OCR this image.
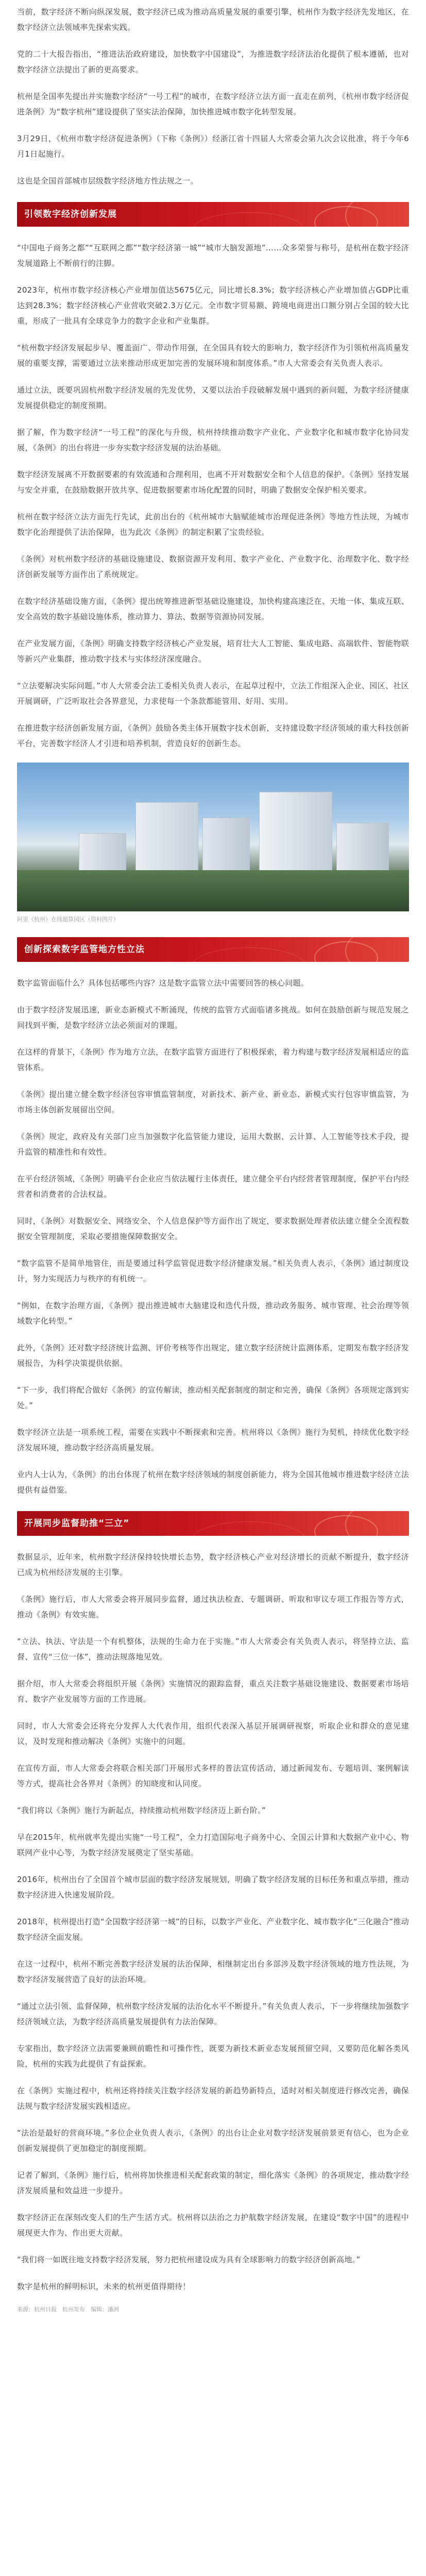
当前，数字经济不断向纵深发展，数字经济已成为推动高质量发展的重要引擎，杭州作为数字经济先发地区，在数字经济立法领域率先探索实践。

党的二十大报告指出，“推进法治政府建设，加快数字中国建设”，为推进数字经济法治化提供了根本遵循，也对数字经济立法提出了新的更高要求。

杭州是全国率先提出并实施数字经济“一号工程”的城市，在数字经济立法方面一直走在前列，《杭州市数字经济促进条例》为“数字杭州”建设提供了坚实法治保障，加快推进城市数字化转型发展。

3月29日，《杭州市数字经济促进条例》（下称《条例》）经浙江省十四届人大常委会第九次会议批准，将于今年6月1日起施行。

这也是全国首部城市层级数字经济地方性法规之一。

引领数字经济创新发展

“中国电子商务之都”“互联网之都”“数字经济第一城”“城市大脑发源地”……众多荣誉与称号，是杭州在数字经济发展道路上不断前行的注脚。

2023年，杭州市数字经济核心产业增加值达5675亿元，同比增长8.3%；数字经济核心产业增加值占GDP比重达到28.3%；数字经济核心产业营收突破2.3万亿元。全市数字贸易额、跨境电商进出口额分别占全国的较大比重，形成了一批具有全球竞争力的数字企业和产业集群。

“杭州数字经济发展起步早、覆盖面广、带动作用强，在全国具有较大的影响力，数字经济作为引领杭州高质量发展的重要支撑，需要通过立法来推动形成更加完善的发展环境和制度体系。”市人大常委会有关负责人表示。

通过立法，既要巩固杭州数字经济发展的先发优势，又要以法治手段破解发展中遇到的新问题，为数字经济健康发展提供稳定的制度预期。

据了解，作为数字经济“一号工程”的深化与升级，杭州持续推动数字产业化、产业数字化和城市数字化协同发展，《条例》的出台将进一步夯实数字经济发展的法治基础。

数字经济发展离不开数据要素的有效流通和合理利用，也离不开对数据安全和个人信息的保护。《条例》坚持发展与安全并重，在鼓励数据开放共享、促进数据要素市场化配置的同时，明确了数据安全保护相关要求。

杭州在数字经济立法方面先行先试，此前出台的《杭州城市大脑赋能城市治理促进条例》等地方性法规，为城市数字化治理提供了法治保障，也为此次《条例》的制定积累了宝贵经验。

《条例》对杭州数字经济的基础设施建设、数据资源开发利用、数字产业化、产业数字化、治理数字化、数字经济创新发展等方面作出了系统规定。

在数字经济基础设施方面，《条例》提出统筹推进新型基础设施建设，加快构建高速泛在、天地一体、集成互联、安全高效的数字基础设施体系，推动算力、算法、数据等资源协同发展。

在产业发展方面，《条例》明确支持数字经济核心产业发展，培育壮大人工智能、集成电路、高端软件、智能物联等新兴产业集群，推动数字技术与实体经济深度融合。

“立法要解决实际问题。”市人大常委会法工委相关负责人表示，在起草过程中，立法工作组深入企业、园区、社区开展调研，广泛听取社会各界意见，力求使每一个条款都能管用、好用、实用。

在推进数字经济创新发展方面，《条例》鼓励各类主体开展数字技术创新，支持建设数字经济领域的重大科技创新平台，完善数字经济人才引进和培养机制，营造良好的创新生态。

阿里（杭州）在线超算园区（资料图片）
创新探索数字监管地方性立法

数字监管面临什么？具体包括哪些内容？这是数字监管立法中需要回答的核心问题。

由于数字经济发展迅速，新业态新模式不断涌现，传统的监管方式面临诸多挑战。如何在鼓励创新与规范发展之间找到平衡，是数字经济立法必须面对的课题。

在这样的背景下，《条例》作为地方立法，在数字监管方面进行了积极探索，着力构建与数字经济发展相适应的监管体系。

《条例》提出建立健全数字经济包容审慎监管制度，对新技术、新产业、新业态、新模式实行包容审慎监管，为市场主体创新发展留出空间。

《条例》规定，政府及有关部门应当加强数字化监管能力建设，运用大数据、云计算、人工智能等技术手段，提升监管的精准性和有效性。

在平台经济领域，《条例》明确平台企业应当依法履行主体责任，建立健全平台内经营者管理制度，保护平台内经营者和消费者的合法权益。

同时，《条例》对数据安全、网络安全、个人信息保护等方面作出了规定，要求数据处理者依法建立健全全流程数据安全管理制度，采取必要措施保障数据安全。

“数字监管不是简单地管住，而是要通过科学监管促进数字经济健康发展。”相关负责人表示，《条例》通过制度设计，努力实现活力与秩序的有机统一。

“例如，在数字治理方面，《条例》提出推进城市大脑建设和迭代升级，推动政务服务、城市管理、社会治理等领域数字化转型。”

此外，《条例》还对数字经济统计监测、评价考核等作出规定，建立数字经济统计监测体系，定期发布数字经济发展报告，为科学决策提供依据。

“下一步，我们将配合做好《条例》的宣传解读，推动相关配套制度的制定和完善，确保《条例》各项规定落到实处。”

数字经济立法是一项系统工程，需要在实践中不断探索和完善。杭州将以《条例》施行为契机，持续优化数字经济发展环境，推动数字经济高质量发展。

业内人士认为，《条例》的出台体现了杭州在数字经济领域的制度创新能力，将为全国其他城市推进数字经济立法提供有益借鉴。

开展同步监督助推“三立”

数据显示，近年来，杭州数字经济保持较快增长态势，数字经济核心产业对经济增长的贡献不断提升，数字经济已成为杭州经济发展的主引擎。

《条例》施行后，市人大常委会将开展同步监督，通过执法检查、专题调研、听取和审议专项工作报告等方式，推动《条例》有效实施。

“立法、执法、守法是一个有机整体，法规的生命力在于实施。”市人大常委会有关负责人表示，将坚持立法、监督、宣传“三位一体”，推动法规落地见效。

据介绍，市人大常委会将组织开展《条例》实施情况的跟踪监督，重点关注数字基础设施建设、数据要素市场培育、数字产业发展等方面的工作进展。

同时，市人大常委会还将充分发挥人大代表作用，组织代表深入基层开展调研视察，听取企业和群众的意见建议，及时发现和推动解决《条例》实施中的问题。

在宣传方面，市人大常委会将联合相关部门开展形式多样的普法宣传活动，通过新闻发布、专题培训、案例解读等方式，提高社会各界对《条例》的知晓度和认同度。

“我们将以《条例》施行为新起点，持续推动杭州数字经济迈上新台阶。”

早在2015年，杭州就率先提出实施“一号工程”，全力打造国际电子商务中心、全国云计算和大数据产业中心、物联网产业中心等，为数字经济发展奠定了坚实基础。

2016年，杭州出台了全国首个城市层面的数字经济发展规划，明确了数字经济发展的目标任务和重点举措，推动数字经济进入快速发展阶段。

2018年，杭州提出打造“全国数字经济第一城”的目标，以数字产业化、产业数字化、城市数字化“三化融合”推动数字经济全面发展。

在这一过程中，杭州不断完善数字经济发展的法治保障，相继制定出台多部涉及数字经济领域的地方性法规，为数字经济发展营造了良好的法治环境。

“通过立法引领、监督保障，杭州数字经济发展的法治化水平不断提升。”有关负责人表示，下一步将继续加强数字经济领域立法，为数字经济高质量发展提供有力法治保障。

专家指出，数字经济立法需要兼顾前瞻性和可操作性，既要为新技术新业态发展预留空间，又要防范化解各类风险，杭州的实践为此提供了有益探索。

在《条例》实施过程中，杭州还将持续关注数字经济发展的新趋势新特点，适时对相关制度进行修改完善，确保法规与数字经济发展实践相适应。

“法治是最好的营商环境。”多位企业负责人表示，《条例》的出台让企业对数字经济发展前景更有信心，也为企业创新发展提供了更加稳定的制度预期。

记者了解到，《条例》施行后，杭州将加快推进相关配套政策的制定，细化落实《条例》的各项规定，推动数字经济发展质量和效益进一步提升。

数字经济正在深刻改变人们的生产生活方式。杭州将以法治之力护航数字经济发展，在建设“数字中国”的进程中展现更大作为、作出更大贡献。

“我们将一如既往地支持数字经济发展，努力把杭州建设成为具有全球影响力的数字经济创新高地。”

数字是杭州的鲜明标识，未来的杭州更值得期待！

来源：杭州日报　杭州发布　编辑：潘洲
